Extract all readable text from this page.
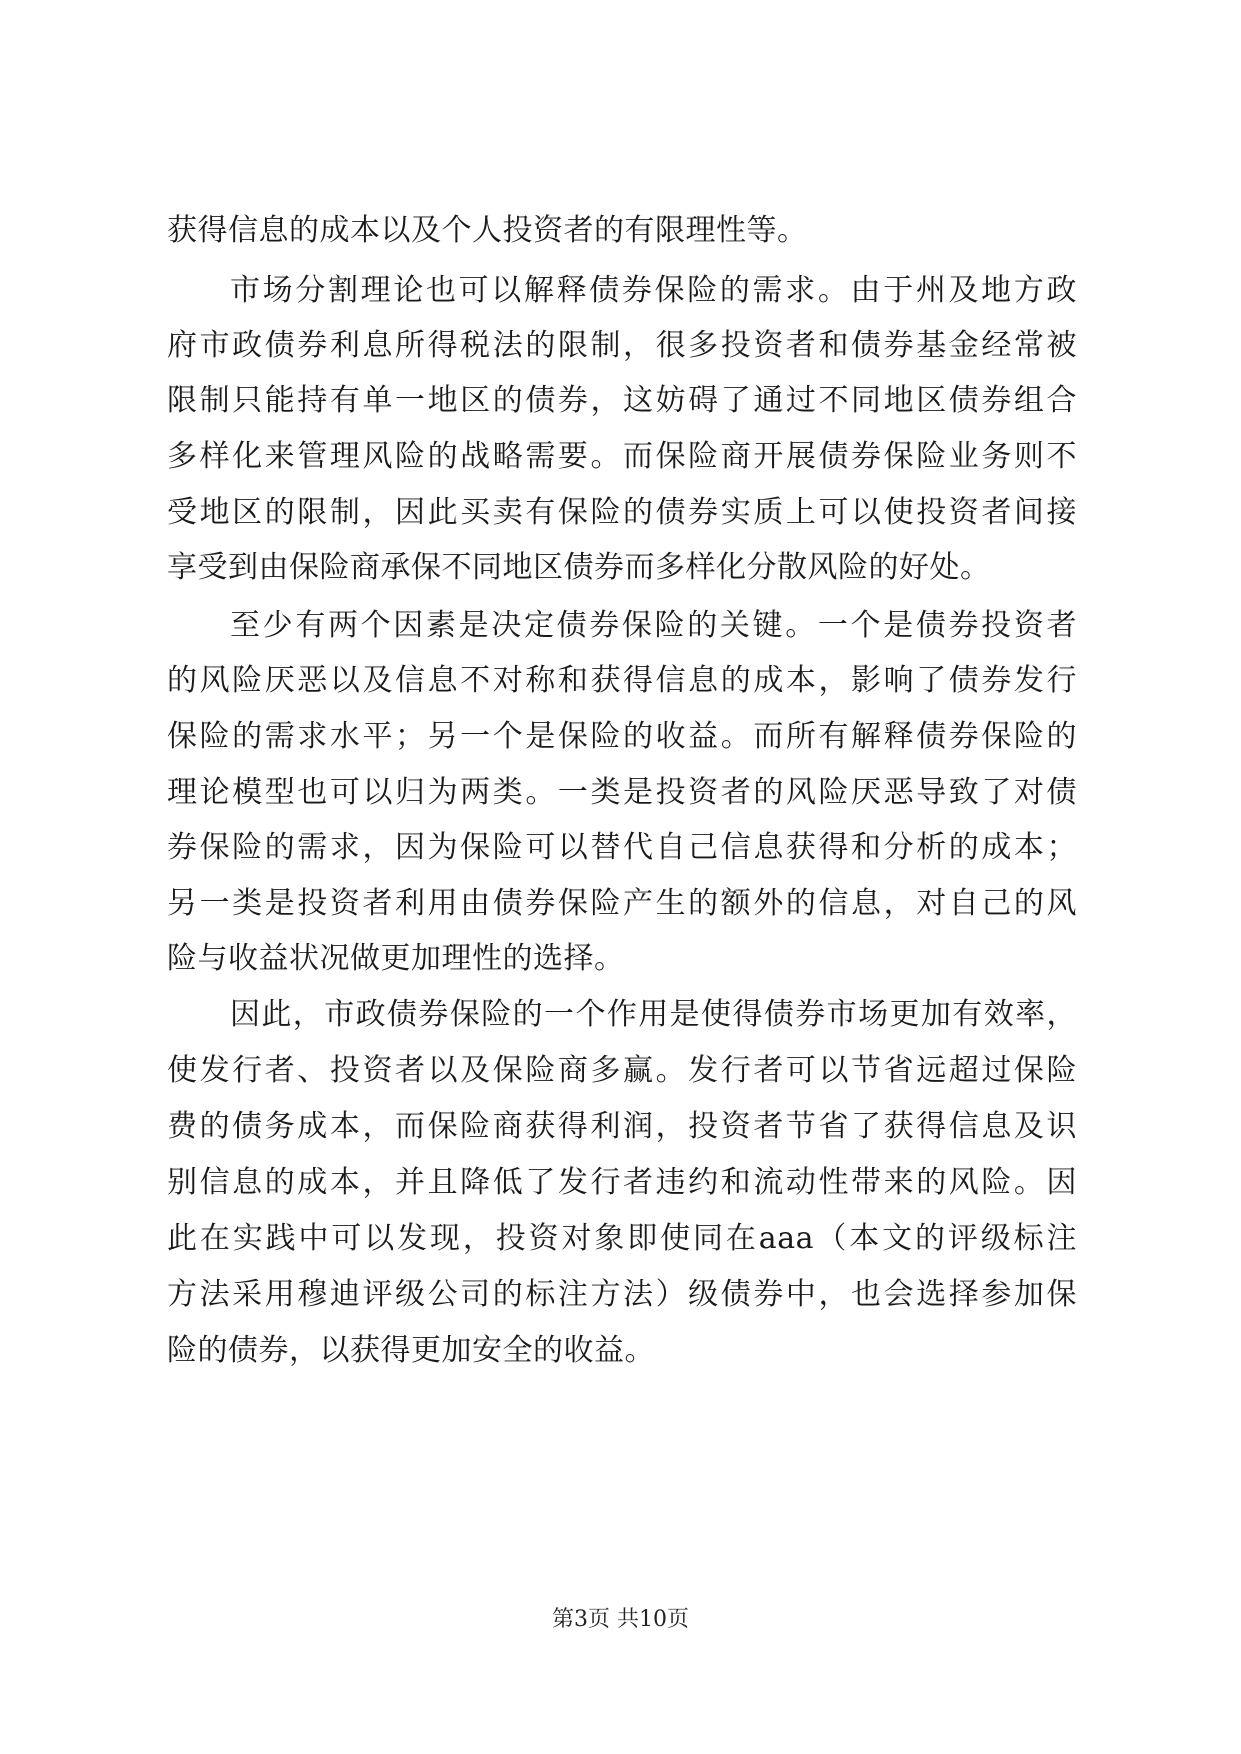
获得信息的成本以及个人投资者的有限理性等。
市场分割理论也可以解释债券保险的需求。由于州及地方政
府市政债券利息所得税法的限制，很多投资者和债券基金经常被
限制只能持有单一地区的债券，这妨碍了通过不同地区债券组合
多样化来管理风险的战略需要。而保险商开展债券保险业务则不
受地区的限制，因此买卖有保险的债券实质上可以使投资者间接
享受到由保险商承保不同地区债券而多样化分散风险的好处。
至少有两个因素是决定债券保险的关键。一个是债券投资者
的风险厌恶以及信息不对称和获得信息的成本，影响了债券发行
保险的需求水平；另一个是保险的收益。而所有解释债券保险的
理论模型也可以归为两类。一类是投资者的风险厌恶导致了对债
券保险的需求，因为保险可以替代自己信息获得和分析的成本；
另一类是投资者利用由债券保险产生的额外的信息，对自己的风
险与收益状况做更加理性的选择。
因此，市政债券保险的一个作用是使得债券市场更加有效率，
使发行者、投资者以及保险商多赢。发行者可以节省远超过保险
费的债务成本，而保险商获得利润，投资者节省了获得信息及识
别信息的成本，并且降低了发行者违约和流动性带来的风险。因
此在实践中可以发现，投资对象即使同在aaa（本文的评级标注
方法采用穆迪评级公司的标注方法）级债券中，也会选择参加保
险的债券，以获得更加安全的收益。
第3页 共10页
